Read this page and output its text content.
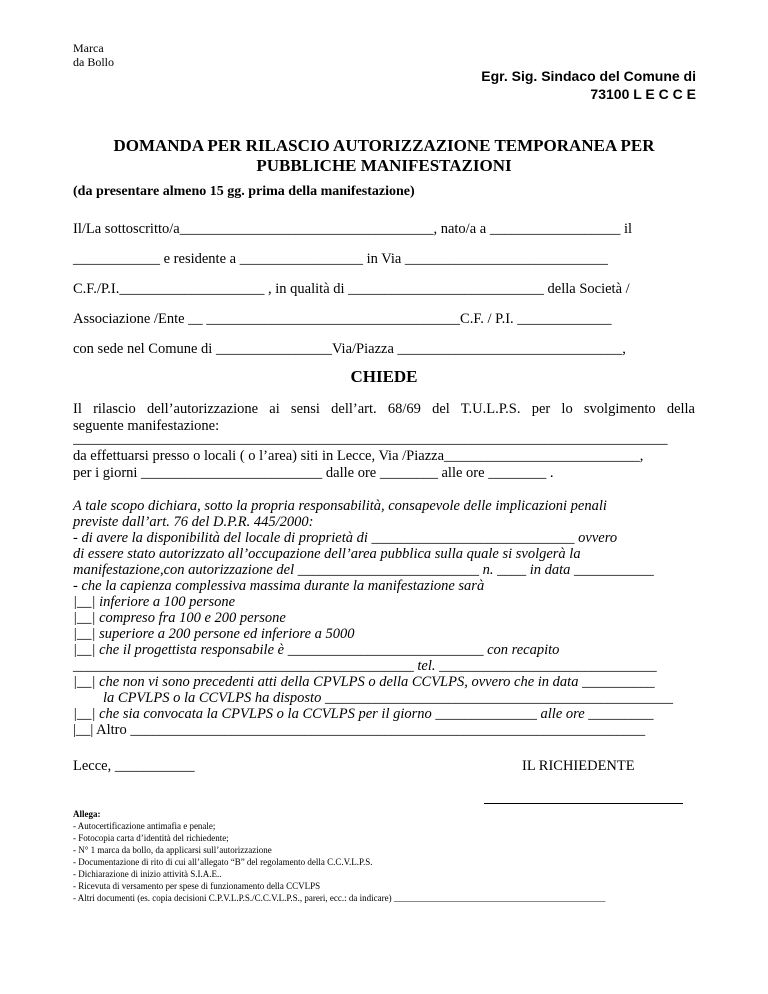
Marca
da Bollo
Egr. Sig. Sindaco del Comune di
73100 L E C C E
DOMANDA PER RILASCIO AUTORIZZAZIONE TEMPORANEA PER
PUBBLICHE MANIFESTAZIONI
(da presentare almeno 15 gg. prima della manifestazione)
Il/La sottoscritto/a___________________________________, nato/a a __________________ il
____________ e residente a _________________ in Via ____________________________
C.F./P.I.____________________ , in qualità di ___________________________ della Società /
Associazione /Ente __ ___________________________________C.F. / P.I. _____________
con sede nel Comune di ________________Via/Piazza _______________________________,
CHIEDE
Il rilascio dell’autorizzazione ai sensi dell’art. 68/69 del T.U.L.P.S. per lo svolgimento della
seguente manifestazione:
__________________________________________________________________________________
da effettuarsi presso o locali ( o l’area) siti in Lecce, Via /Piazza___________________________,
per i giorni _________________________ dalle ore ________ alle ore ________ .
A tale scopo dichiara, sotto la propria responsabilità, consapevole delle implicazioni penali
previste dall’art. 76 del D.P.R. 445/2000:
- di avere la disponibilità del locale di proprietà di ____________________________ ovvero
di essere stato autorizzato all’occupazione dell’area pubblica sulla quale si svolgerà la
manifestazione,con autorizzazione del _________________________ n. ____ in data ___________
- che la capienza complessiva massima durante la manifestazione sarà
|__| inferiore a 100 persone
|__| compreso fra 100 e 200 persone
|__| superiore a 200 persone ed inferiore a 5000
|__| che il progettista responsabile è ___________________________ con recapito
_______________________________________________ tel. ______________________________
|__| che non vi sono precedenti atti della CPVLPS o della CCVLPS, ovvero che in data __________
la CPVLPS o la CCVLPS ha disposto ________________________________________________
|__| che sia convocata la CPVLPS o la CCVLPS per il giorno ______________ alle ore _________
|__| Altro _______________________________________________________________________
Lecce, ___________	IL RICHIEDENTE
Allega:
- Autocertificazione antimafia e penale;
- Fotocopia carta d’identità del richiedente;
- N° 1 marca da bollo, da applicarsi sull’autorizzazione
- Documentazione di rito di cui all’allegato “B” del regolamento della C.C.V.L.P.S.
- Dichiarazione di inizio attività S.I.A.E..
- Ricevuta di versamento per spese di funzionamento della CCVLPS
- Altri documenti (es. copia decisioni C.P.V.L.P.S./C.C.V.L.P.S., pareri, ecc.: da indicare) _______________________________________________
